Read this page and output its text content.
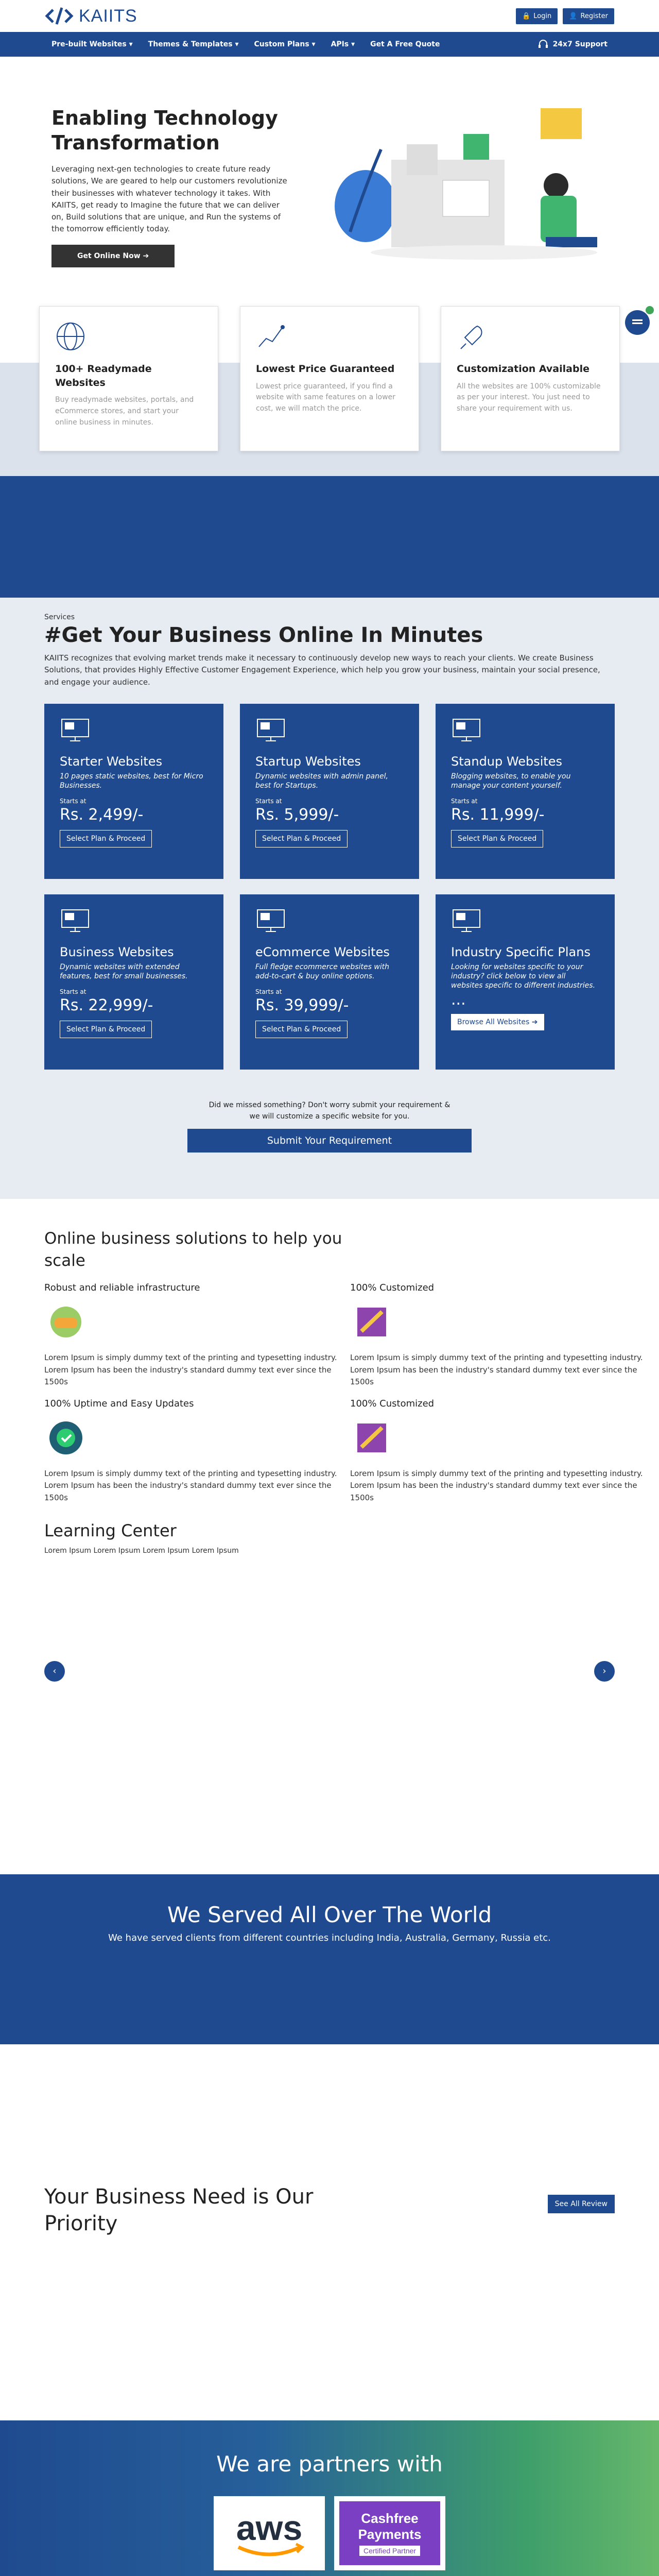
KAIITS	🔒 Login	👤 Register
Pre-built Websites ▾ Themes & Templates ▾ Custom Plans ▾ APIs ▾ Get A Free Quote	24x7 Support
Enabling Technology Transformation

Leveraging next-gen technologies to create future ready solutions, We are geared to help our customers revolutionize their businesses with whatever technology it takes. With KAIITS, get ready to Imagine the future that we can deliver on, Build solutions that are unique, and Run the systems of the tomorrow efficiently today.

Get Online Now ➔
100+ Readymade Websites

Buy readymade websites, portals, and eCommerce stores, and start your online business in minutes.

Lowest Price Guaranteed

Lowest price guaranteed, if you find a website with same features on a lower cost, we will match the price.

Customization Available

All the websites are 100% customizable as per your interest. You just need to share your requirement with us.

Services
#Get Your Business Online In Minutes

KAIITS recognizes that evolving market trends make it necessary to continuously develop new ways to reach your clients. We create Business Solutions, that provides Highly Effective Customer Engagement Experience, which help you grow your business, maintain your social presence, and engage your audience.

Starter Websites
10 pages static websites, best for Micro Businesses.
Starts at
Rs. 2,499/-
Select Plan & Proceed
Startup Websites
Dynamic websites with admin panel, best for Startups.
Starts at
Rs. 5,999/-
Select Plan & Proceed
Standup Websites
Blogging websites, to enable you manage your content yourself.
Starts at
Rs. 11,999/-
Select Plan & Proceed
Business Websites
Dynamic websites with extended features, best for small businesses.
Starts at
Rs. 22,999/-
Select Plan & Proceed
eCommerce Websites
Full fledge ecommerce websites with add-to-cart & buy online options.
Starts at
Rs. 39,999/-
Select Plan & Proceed
Industry Specific Plans
Looking for websites specific to your industry? click below to view all websites specific to different industries.
...
Browse All Websites ➔
Did we missed something? Don't worry submit your requirement &
we will customize a specific website for you.
Submit Your Requirement
Online business solutions to help you scale
Robust and reliable infrastructure

Lorem Ipsum is simply dummy text of the printing and typesetting industry. Lorem Ipsum has been the industry's standard dummy text ever since the 1500s

100% Customized

Lorem Ipsum is simply dummy text of the printing and typesetting industry. Lorem Ipsum has been the industry's standard dummy text ever since the 1500s

100% Uptime and Easy Updates

Lorem Ipsum is simply dummy text of the printing and typesetting industry. Lorem Ipsum has been the industry's standard dummy text ever since the 1500s

100% Customized

Lorem Ipsum is simply dummy text of the printing and typesetting industry. Lorem Ipsum has been the industry's standard dummy text ever since the 1500s

Learning Center

Lorem Ipsum Lorem Ipsum Lorem Ipsum Lorem Ipsum

‹	›
We Served All Over The World

We have served clients from different countries including India, Australia, Germany, Russia etc.

Your Business Need is Our Priority
See All Review
We are partners with
aws	Cashfree
Payments
Certified Partner
